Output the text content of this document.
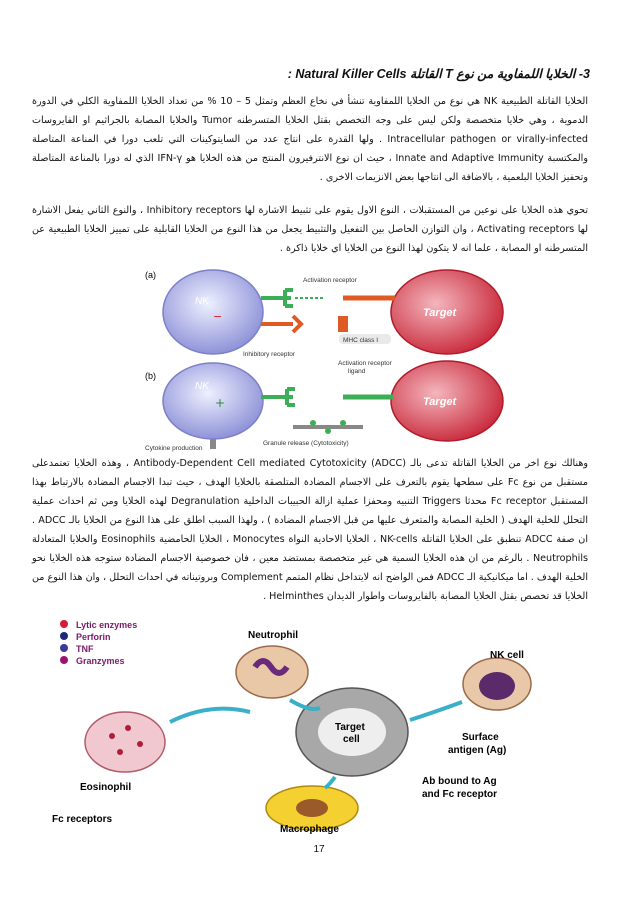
3- الخلايا اللمفاوية من نوع T القاتلة Natural Killer Cells :
الخلايا القاتلة الطبيعية NK هي نوع من الخلايا اللمفاوية تنشأ في نخاع العظم وتمثل 5 – 10 % من تعداد الخلايا اللمفاوية الكلي في الدورة الدموية ، وهي خلايا متخصصة ولكن ليس على وجه التخصص بقتل الخلايا المتسرطنه Tumor والخلايا المصابة بالجراثيم او الفايروسات Intracellular pathogen or virally-infected . ولها القدرة على انتاج عدد من السايتوكينات التي تلعب دورا في المناعة المتاصلة والمكتسبة Innate and Adaptive Immunity ، حيث ان نوع الانترفيرون المنتج من هذه الخلايا هو IFN-γ الذي له دورا بالمناعة المتاصلة وتحفيز الخلايا البلعمية ، بالاضافة الى انتاجها بعض الانزيمات الاخرى .
تحوي هذه الخلايا على نوعين من المستقبلات ، النوع الاول يقوم على تثبيط الاشارة لها Inhibitory receptors ، والنوع الثاني يفعل الاشارة لها Activating receptors ، وان التوازن الحاصل بين التفعيل والتثبيط يجعل من هذا النوع من الخلايا القابلية على تمييز الخلايا الطبيعية عن المتسرطنه او المصابة ، علما انه لا يتكون لهذا النوع من الخلايا اي خلايا ذاكرة .
(a)
NK
−	Target
Activation receptor
Inhibitory receptor
MHC class I
(b)
NK
+	Target
Activation receptor
ligand
Cytokine production
Granule release (Cytotoxicity)
وهنالك نوع اخر من الخلايا القاتلة تدعى بالـ Antibody-Dependent Cell mediated Cytotoxicity (ADCC) ، وهذه الخلايا تعتمدعلى مستقبل من نوع Fc على سطحها يقوم بالتعرف على الاجسام المضادة المتلصقة بالخلايا الهدف ، حيث تبدا الاجسام المضادة بالارتباط بهذا المستقبل Fc receptor محدثا Triggers التنبيه ومحفزا عملية ازالة الحبيبات الداخلية Degranulation لهذه الخلايا ومن ثم احداث عملية التحلل للخلية الهدف ( الخلية المصابة والمتعرف عليها من قبل الاجسام المضادة ) ، ولهذا السبب اطلق على هذا النوع من الخلايا بالـ ADCC . ان صفة ADCC تنطبق على الخلايا القاتلة NK-cells ، الخلايا الاحادية النواة Monocytes ، الخلايا الحامضية Eosinophils والخلايا المتعادلة Neutrophils . بالرغم من ان هذه الخلايا السمية هي غير متخصصة بمستضد معين ، فان خصوصية الاجسام المضادة ستوجه هذه الخلايا نحو الخلية الهدف . اما ميكانيكية الـ ADCC فمن الواضح انه لايتداخل نظام المتمم Complement وبروتيناته في احداث التحلل ، وان هذا النوع من الخلايا قد تخصص بقتل الخلايا المصابة بالفايروسات واطوار الديدان Helminthes .
Lytic enzymes
Perforin
TNF
Granzymes
Neutrophil
NK cell
Target
cell
Eosinophil
Macrophage
Surface
antigen (Ag)
Ab bound to Ag
and Fc receptor
Fc receptors
17
